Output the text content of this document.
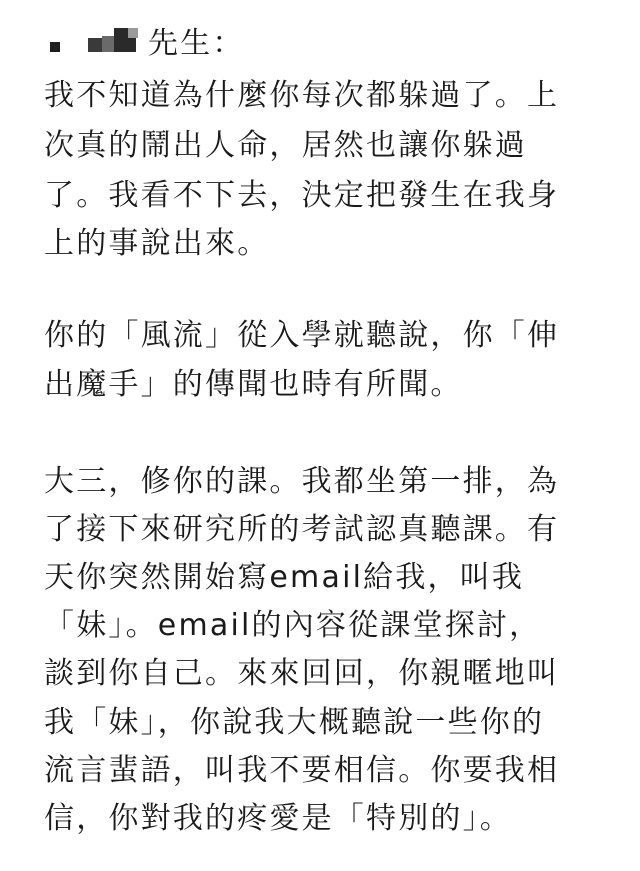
先生：
我不知道為什麼你每次都躲過了。上
次真的鬧出人命，居然也讓你躲過
了。我看不下去，決定把發生在我身
上的事說出來。
你的「風流」從入學就聽說，你「伸
出魔手」的傳聞也時有所聞。
大三，修你的課。我都坐第一排，為
了接下來研究所的考試認真聽課。有
天你突然開始寫email給我，叫我
「妹」。email的內容從課堂探討，
談到你自己。來來回回，你親暱地叫
我「妹」，你說我大概聽說一些你的
流言蜚語，叫我不要相信。你要我相
信，你對我的疼愛是「特別的」。
